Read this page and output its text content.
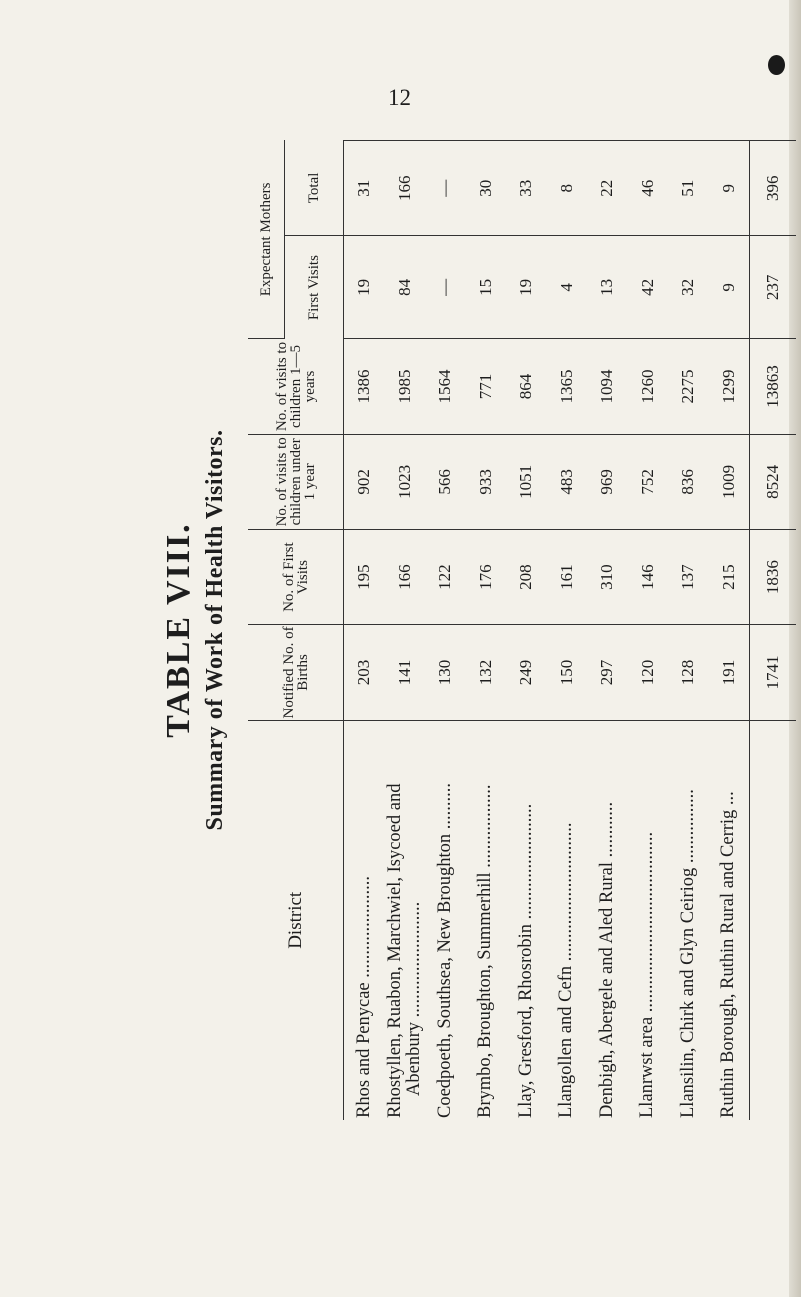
12
TABLE VIII. Summary of Work of Health Visitors.
District	Notified No. of Births	No. of First Visits	No. of visits to children under 1 year	No. of visits to children 1—5 years	Expectant Mothers	
					First Visits	Total
Rhos and Penycae ......................	203	195	902	1386	19	31
Rhostyllen, Ruabon, Marchwiel, Isycoed and Abenbury .........................	141	166	1023	1985	84	166
Coedpoeth, Southsea, New Broughton ..........	130	122	566	1564	—	—
Brymbo, Broughton, Summerhill ..................	132	176	933	771	15	30
Llay, Gresford, Rhosrobin .........................	249	208	1051	864	19	33
Llangollen and Cefn ..............................	150	161	483	1365	4	8
Denbigh, Abergele and Aled Rural ............	297	310	969	1094	13	22
Llanrwst area .......................................	120	146	752	1260	42	46
Llansilin, Chirk and Glyn Ceiriog ................	128	137	836	2275	32	51
Ruthin Borough, Ruthin Rural and Cerrig ...	191	215	1009	1299	9	9
	1741	1836	8524	13863	237	396
